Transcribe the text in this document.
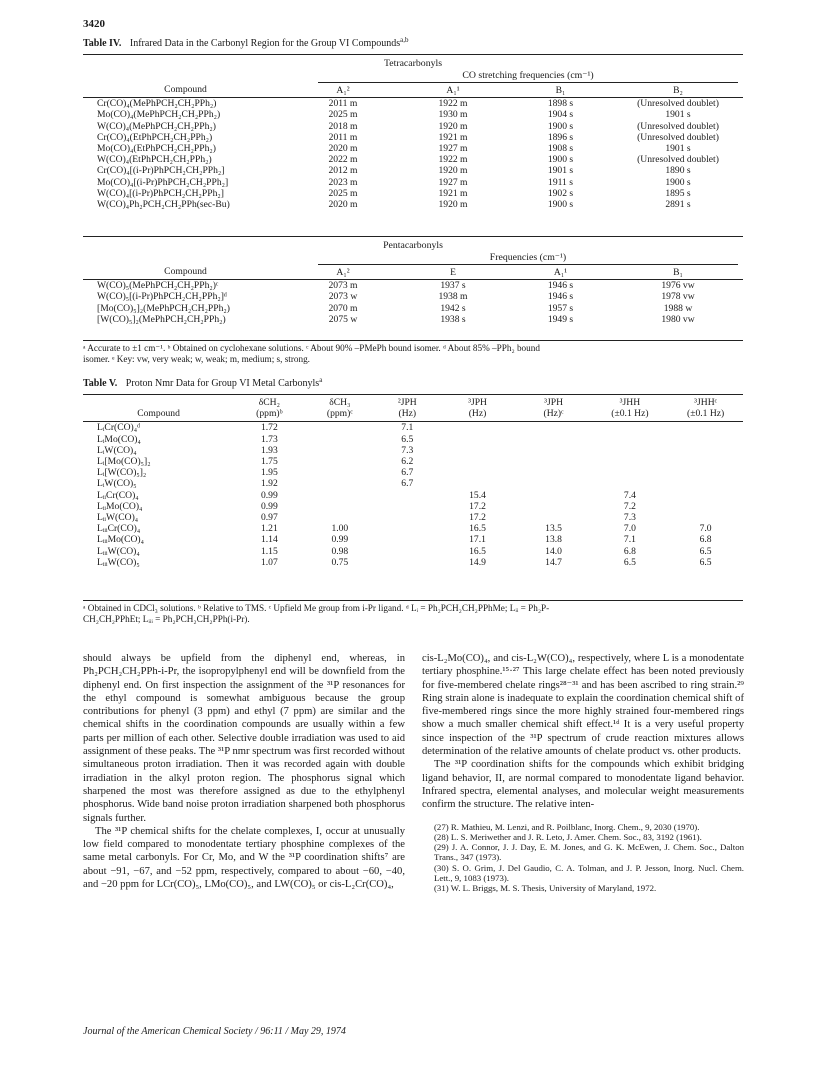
3420
Table IV. Infrared Data in the Carbonyl Region for the Group VI Compounds$^{a,b}$
Tetracarbonyls
CO stretching frequencies (cm⁻¹)
Compound	A₁²	A₁¹	B₁	B₂
Cr(CO)₄(MePhPCH₂CH₂PPh₂)	2011 m	1922 m	1898 s	(Unresolved doublet)
Mo(CO)₄(MePhPCH₂CH₂PPh₂)	2025 m	1930 m	1904 s	1901 s
W(CO)₄(MePhPCH₂CH₂PPh₂)	2018 m	1920 m	1900 s	(Unresolved doublet)
Cr(CO)₄(EtPhPCH₂CH₂PPh₂)	2011 m	1921 m	1896 s	(Unresolved doublet)
Mo(CO)₄(EtPhPCH₂CH₂PPh₂)	2020 m	1927 m	1908 s	1901 s
W(CO)₄(EtPhPCH₂CH₂PPh₂)	2022 m	1922 m	1900 s	(Unresolved doublet)
Cr(CO)₄[(i-Pr)PhPCH₂CH₂PPh₂]	2012 m	1920 m	1901 s	1890 s
Mo(CO)₄[(i-Pr)PhPCH₂CH₂PPh₂]	2023 m	1927 m	1911 s	1900 s
W(CO)₄[(i-Pr)PhPCH₂CH₂PPh₂]	2025 m	1921 m	1902 s	1895 s
W(CO)₄Ph₂PCH₂CH₂PPh(sec-Bu)	2020 m	1920 m	1900 s	2891 s
Pentacarbonyls
Frequencies (cm⁻¹)
Compound	A₁²	E	A₁¹	B₁
W(CO)₅(MePhPCH₂CH₂PPh₂)ᶜ	2073 m	1937 s	1946 s	1976 vw
W(CO)₅[(i-Pr)PhPCH₂CH₂PPh₂]ᵈ	2073 w	1938 m	1946 s	1978 vw
[Mo(CO)₅]₂(MePhPCH₂CH₂PPh₂)	2070 m	1942 s	1957 s	1988 w
[W(CO)₅]₂(MePhPCH₂CH₂PPh₂)	2075 w	1938 s	1949 s	1980 vw
ᵃ Accurate to ±1 cm⁻¹. ᵇ Obtained on cyclohexane solutions. ᶜ About 90% –PMePh bound isomer. ᵈ About 85% –PPh₂ bound
isomer. ᵉ Key: vw, very weak; w, weak; m, medium; s, strong.
Table V. Proton Nmr Data for Group VI Metal Carbonyls$^a$
	δCH₂	δCH₃	²JPH	³JPH	³JPH	³JHH	³JHHᶜ
Compound	(ppm)ᵇ	(ppm)ᶜ	(Hz)	(Hz)	(Hz)ᶜ	(±0.1 Hz)	(±0.1 Hz)
LᵢCr(CO)₄ᵈ	1.72		7.1				
LᵢMo(CO)₄	1.73		6.5				
LᵢW(CO)₄	1.93		7.3				
Lᵢ[Mo(CO)₅]₂	1.75		6.2				
Lᵢ[W(CO)₅]₂	1.95		6.7				
LᵢW(CO)₅	1.92		6.7				
LᵢᵢCr(CO)₄	0.99			15.4		7.4	
LᵢᵢMo(CO)₄	0.99			17.2		7.2	
LᵢᵢW(CO)₄	0.97			17.2		7.3	
LᵢᵢᵢCr(CO)₄	1.21	1.00		16.5	13.5	7.0	7.0
LᵢᵢᵢMo(CO)₄	1.14	0.99		17.1	13.8	7.1	6.8
LᵢᵢᵢW(CO)₄	1.15	0.98		16.5	14.0	6.8	6.5
LᵢᵢᵢW(CO)₅	1.07	0.75		14.9	14.7	6.5	6.5
ᵃ Obtained in CDCl₃ solutions. ᵇ Relative to TMS. ᶜ Upfield Me group from i-Pr ligand. ᵈ Lᵢ = Ph₂PCH₂CH₂PPhMe; Lᵢᵢ = Ph₂P-
CH₂CH₂PPhEt; Lᵢᵢᵢ = Ph₂PCH₂CH₂PPh(i-Pr).

should always be upfield from the diphenyl end, whereas, in Ph₂PCH₂CH₂PPh-i-Pr, the isopropylphenyl end will be downfield from the diphenyl end. On first inspection the assignment of the ³¹P resonances for the ethyl compound is somewhat ambiguous because the group contributions for phenyl (3 ppm) and ethyl (7 ppm) are similar and the chemical shifts in the coordination compounds are usually within a few parts per million of each other. Selective double irradiation was used to aid assignment of these peaks. The ³¹P nmr spectrum was first recorded without simultaneous proton irradiation. Then it was recorded again with double irradiation in the alkyl proton region. The phosphorus signal which sharpened the most was therefore assigned as due to the ethylphenyl phosphorus. Wide band noise proton irradiation sharpened both phosphorus signals further.

The ³¹P chemical shifts for the chelate complexes, I, occur at unusually low field compared to monodentate tertiary phosphine complexes of the same metal carbonyls. For Cr, Mo, and W the ³¹P coordination shifts⁷ are about −91, −67, and −52 ppm, respectively, compared to about −60, −40, and −20 ppm for LCr(CO)₅, LMo(CO)₅, and LW(CO)₅ or cis-L₂Cr(CO)₄,

cis-L₂Mo(CO)₄, and cis-L₂W(CO)₄, respectively, where L is a monodentate tertiary phosphine.¹⁵·²⁷ This large chelate effect has been noted previously for five-membered chelate rings²⁸⁻³¹ and has been ascribed to ring strain.²⁹ Ring strain alone is inadequate to explain the coordination chemical shift of five-membered rings since the more highly strained four-membered rings show a much smaller chemical shift effect.¹ᵈ It is a very useful property since inspection of the ³¹P spectrum of crude reaction mixtures allows determination of the relative amounts of chelate product vs. other products.

The ³¹P coordination shifts for the compounds which exhibit bridging ligand behavior, II, are normal compared to monodentate ligand behavior. Infrared spectra, elemental analyses, and molecular weight measurements confirm the structure. The relative inten-

(27) R. Mathieu, M. Lenzi, and R. Poilblanc, Inorg. Chem., 9, 2030 (1970).
(28) L. S. Meriwether and J. R. Leto, J. Amer. Chem. Soc., 83, 3192 (1961).
(29) J. A. Connor, J. J. Day, E. M. Jones, and G. K. McEwen, J. Chem. Soc., Dalton Trans., 347 (1973).
(30) S. O. Grim, J. Del Gaudio, C. A. Tolman, and J. P. Jesson, Inorg. Nucl. Chem. Lett., 9, 1083 (1973).
(31) W. L. Briggs, M. S. Thesis, University of Maryland, 1972.
Journal of the American Chemical Society / 96:11 / May 29, 1974
